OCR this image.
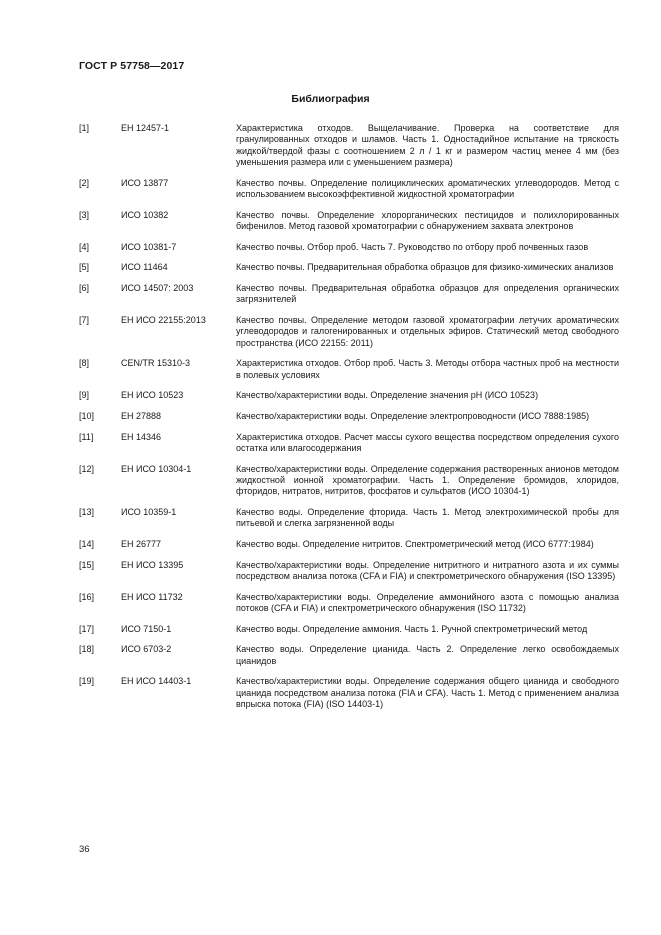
ГОСТ Р 57758—2017
Библиография
[1]	ЕН 12457-1	Характеристика отходов. Выщелачивание. Проверка на соответствие для гранулированных отходов и шламов. Часть 1. Одностадийное испытание на тряскость жидкой/твердой фазы с соотношением 2 л / 1 кг и размером частиц менее 4 мм (без уменьшения размера или с уменьшением размера)
[2]	ИСО 13877	Качество почвы. Определение полициклических ароматических углеводородов. Метод с использованием высокоэффективной жидкостной хроматографии
[3]	ИСО 10382	Качество почвы. Определение хлорорганических пестицидов и полихлорированных бифенилов. Метод газовой хроматографии с обнаружением захвата электронов
[4]	ИСО 10381-7	Качество почвы. Отбор проб. Часть 7. Руководство по отбору проб почвенных газов
[5]	ИСО 11464	Качество почвы. Предварительная обработка образцов для физико-химических анализов
[6]	ИСО 14507: 2003	Качество почвы. Предварительная обработка образцов для определения органических загрязнителей
[7]	ЕН ИСО 22155:2013	Качество почвы. Определение методом газовой хроматографии летучих ароматических углеводородов и галогенированных и отдельных эфиров. Статический метод свободного пространства (ИСО 22155: 2011)
[8]	CEN/TR 15310-3	Характеристика отходов. Отбор проб. Часть 3. Методы отбора частных проб на местности в полевых условиях
[9]	ЕН ИСО 10523	Качество/характеристики воды. Определение значения pH (ИСО 10523)
[10]	ЕН 27888	Качество/характеристики воды. Определение электропроводности (ИСО 7888:1985)
[11]	ЕН 14346	Характеристика отходов. Расчет массы сухого вещества посредством определения сухого остатка или влагосодержания
[12]	ЕН ИСО 10304-1	Качество/характеристики воды. Определение содержания растворенных анионов методом жидкостной ионной хроматографии. Часть 1. Определение бромидов, хлоридов, фторидов, нитратов, нитритов, фосфатов и сульфатов (ИСО 10304-1)
[13]	ИСО 10359-1	Качество воды. Определение фторида. Часть 1. Метод электрохимической пробы для питьевой и слегка загрязненной воды
[14]	ЕН 26777	Качество воды. Определение нитритов. Спектрометрический метод (ИСО 6777:1984)
[15]	ЕН ИСО 13395	Качество/характеристики воды. Определение нитритного и нитратного азота и их суммы посредством анализа потока (CFA и FIA) и спектрометрического обнаружения (ISO 13395)
[16]	ЕН ИСО 11732	Качество/характеристики воды. Определение аммонийного азота с помощью анализа потоков (CFA и FIA) и спектрометрического обнаружения (ISO 11732)
[17]	ИСО 7150-1	Качество воды. Определение аммония. Часть 1. Ручной спектрометрический метод
[18]	ИСО 6703-2	Качество воды. Определение цианида. Часть 2. Определение легко освобождаемых цианидов
[19]	ЕН ИСО 14403-1	Качество/характеристики воды. Определение содержания общего цианида и свободного цианида посредством анализа потока (FIA и CFA). Часть 1. Метод с применением анализа впрыска потока (FIA) (ISO 14403-1)
36
